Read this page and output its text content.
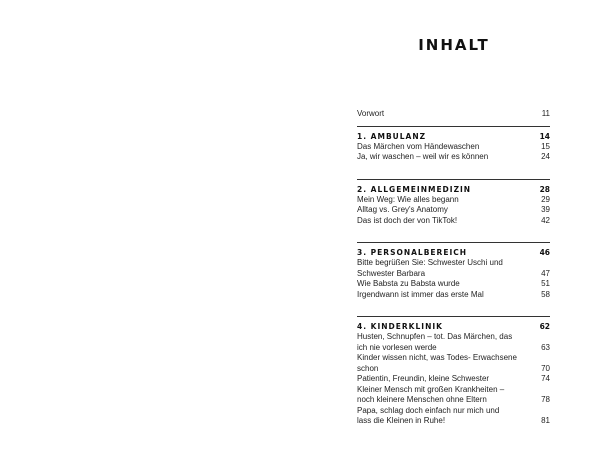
INHALT
Vorwort	11
1. AMBULANZ	14
Das Märchen vom Händewaschen	15
Ja, wir waschen – weil wir es können	24
2. ALLGEMEINMEDIZIN	28
Mein Weg: Wie alles begann	29
Alltag vs. Grey's Anatomy	39
Das ist doch der von TikTok!	42
3. PERSONALBEREICH	46
Bitte begrüßen Sie: Schwester Uschi und
Schwester Barbara	47
Wie Babsta zu Babsta wurde	51
Irgendwann ist immer das erste Mal	58
4. KINDERKLINIK	62
Husten, Schnupfen – tot. Das Märchen, das
ich nie vorlesen werde	63
Kinder wissen nicht, was Todes- Erwachsene
schon	70
Patientin, Freundin, kleine Schwester	74
Kleiner Mensch mit großen Krankheiten –
noch kleinere Menschen ohne Eltern	78
Papa, schlag doch einfach nur mich und
lass die Kleinen in Ruhe!	81
